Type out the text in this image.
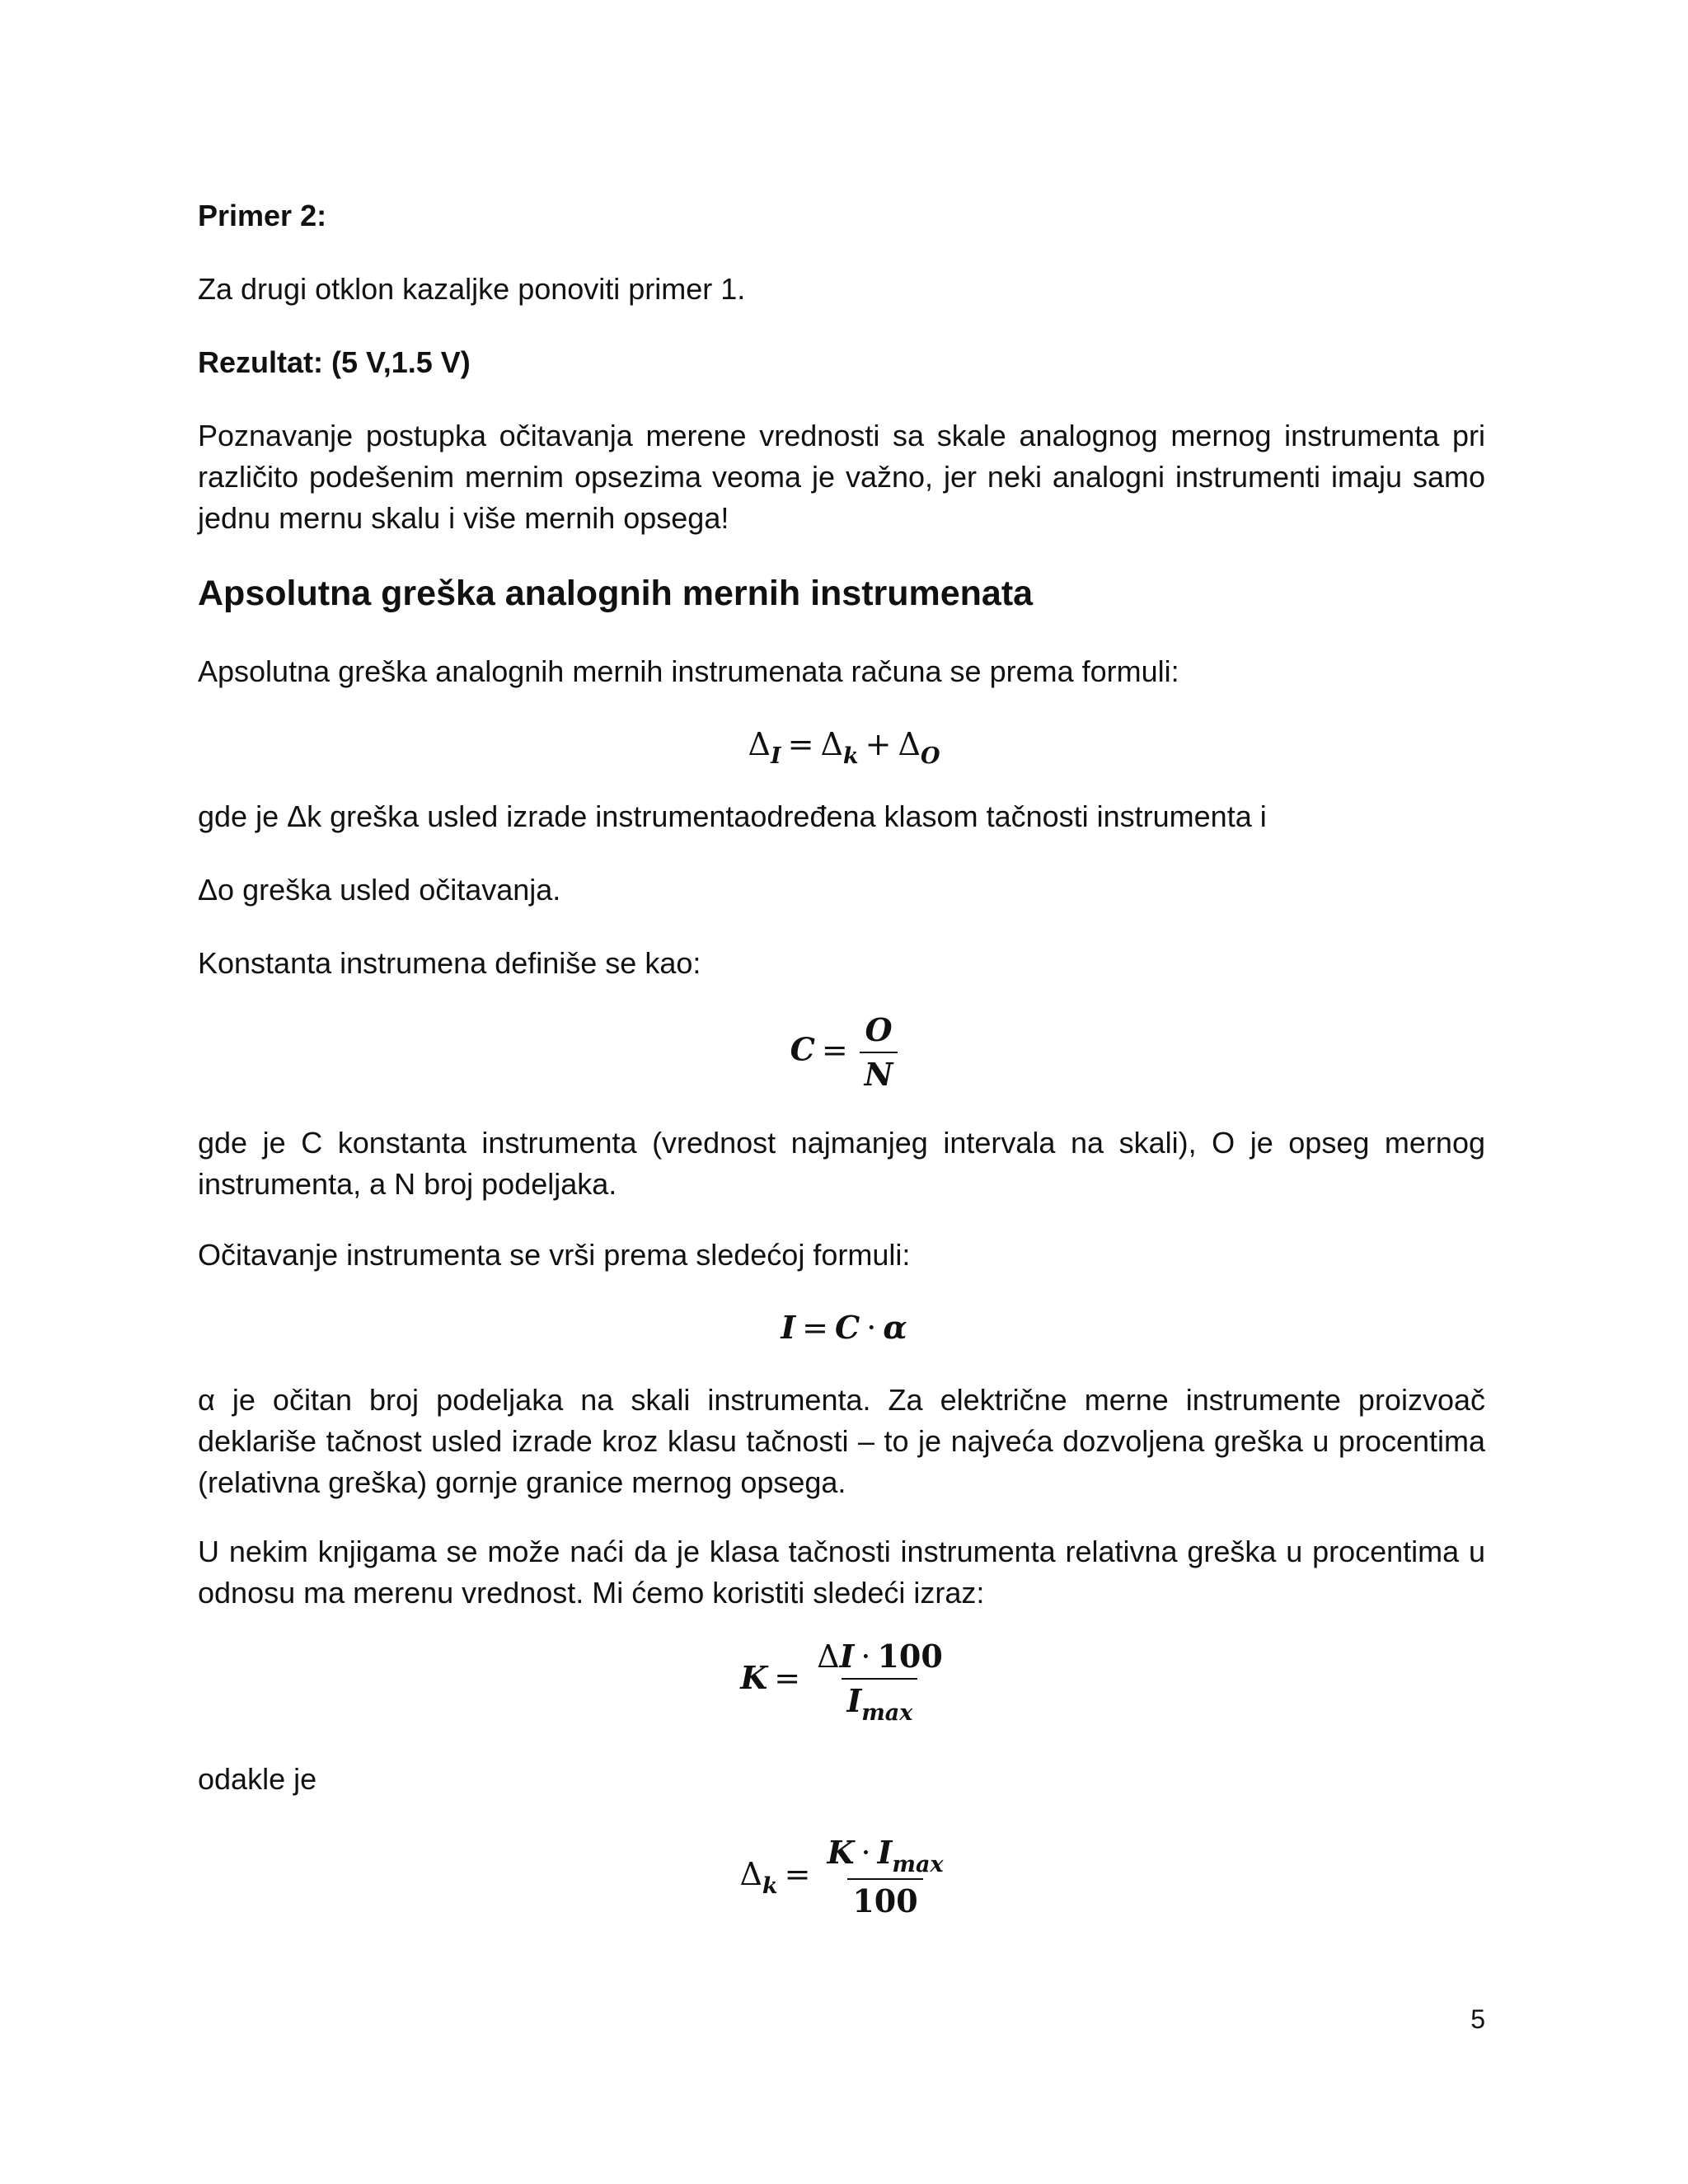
Primer 2:

Za drugi otklon kazaljke ponoviti primer 1.

Rezultat: (5 V,1.5 V)

Poznavanje postupka očitavanja merene vrednosti sa skale analognog mernog instrumenta pri različito podešenim mernim opsezima veoma je važno, jer neki analogni instrumenti imaju samo jednu mernu skalu i više mernih opsega!

Apsolutna greška analognih mernih instrumenata

Apsolutna greška analognih mernih instrumenata računa se prema formuli:

$\Delta_I = \Delta_k + \Delta_O$

gde je Δk greška usled izrade instrumentaodređena klasom tačnosti instrumenta i

Δo greška usled očitavanja.

Konstanta instrumena definiše se kao:

$C = \frac{O}{N}$

gde je C konstanta instrumenta (vrednost najmanjeg intervala na skali), O je opseg mernog instrumenta, a N broj podeljaka.

Očitavanje instrumenta se vrši prema sledećoj formuli:

I = C · α

α je očitan broj podeljaka na skali instrumenta. Za električne merne instrumente proizvoač deklariše tačnost usled izrade kroz klasu tačnosti – to je najveća dozvoljena greška u procentima (relativna greška) gornje granice mernog opsega.

U nekim knjigama se može naći da je klasa tačnosti instrumenta relativna greška u procentima u odnosu ma merenu vrednost. Mi ćemo koristiti sledeći izraz:

$K = \frac{\Delta I \cdot 100}{I_{max}}$

odakle je

$\Delta_k = \frac{K \cdot I_{max}}{100}$
5
